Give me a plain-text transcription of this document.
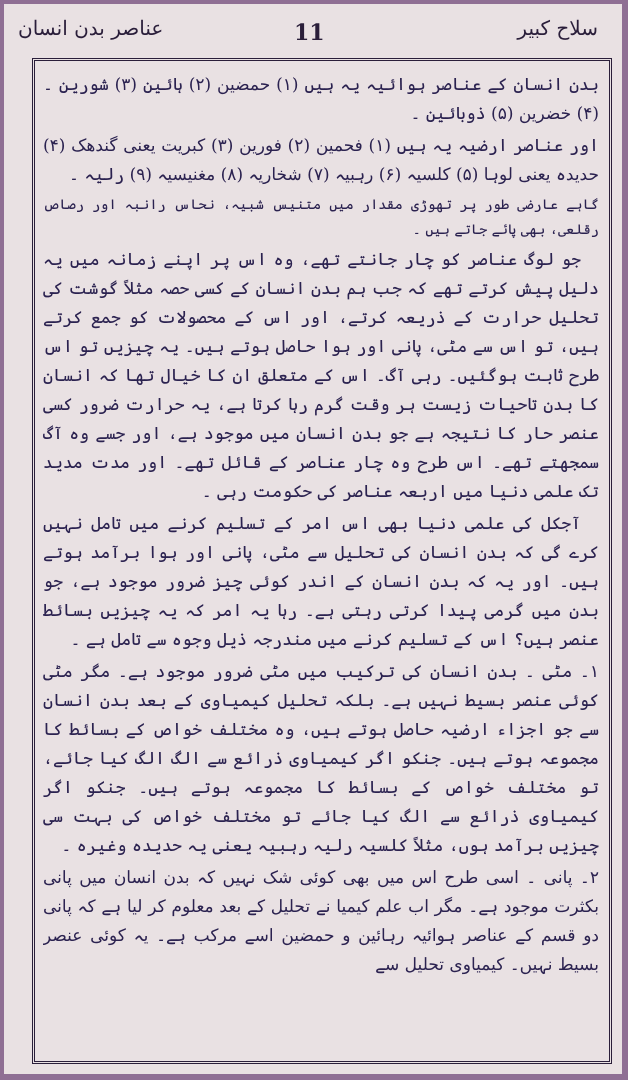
سلاح کبیر
11
عناصر بدن انسان

بدن انسان کے عناصر ہوائیہ یہ ہیں (۱) حمضین (۲) ہائین (۳) شورین ۔ (۴) خضرین (۵) ذوبائین ۔

اور عناصر ارضیہ یہ ہیں (۱) فحمین (۲) فورین (۳) کبریت یعنی گندھک (۴) حدیدہ یعنی لوہا (۵) کلسیہ (۶) رہبیہ (۷) شخاریہ (۸) مغنیسیہ (۹) رلیہ ۔

گاہے عارضی طور پر تھوڑی مقدار میں متنیس شبیہ، نحاس رانبہ اور رصاص رقلعی، بھی پائے جاتے ہیں ۔

جو لوگ عناصر کو چار جانتے تھے، وہ اس پر اپنے زمانہ میں یہ دلیل پیش کرتے تھے کہ جب ہم بدن انسان کے کسی حصہ مثلاً گوشت کی تحلیل حرارت کے ذریعہ کرتے، اور اس کے محصولات کو جمع کرتے ہیں، تو اس سے مٹی، پانی اور ہوا حاصل ہوتے ہیں۔ یہ چیزیں تو اس طرح ثابت ہوگئیں۔ رہی آگ۔ اس کے متعلق ان کا خیال تھا کہ انسان کا بدن تاحیات زیست ہر وقت گرم رہا کرتا ہے، یہ حرارت ضرور کسی عنصر حار کا نتیجہ ہے جو بدن انسان میں موجود ہے، اور جسے وہ آگ سمجھتے تھے۔ اس طرح وہ چار عناصر کے قائل تھے۔ اور مدت مدید تک علمی دنیا میں اربعہ عناصر کی حکومت رہی ۔

آجکل کی علمی دنیا بھی اس امر کے تسلیم کرنے میں تامل نہیں کرے گی کہ بدن انسان کی تحلیل سے مٹی، پانی اور ہوا برآمد ہوتے ہیں۔ اور یہ کہ بدن انسان کے اندر کوئی چیز ضرور موجود ہے، جو بدن میں گرمی پیدا کرتی رہتی ہے۔ رہا یہ امر کہ یہ چیزیں بسائط عنصر ہیں؟ اس کے تسلیم کرنے میں مندرجہ ذیل وجوہ سے تامل ہے ۔

۱۔ مٹی ۔ بدن انسان کی ترکیب میں مٹی ضرور موجود ہے۔ مگر مٹی کوئی عنصر بسیط نہیں ہے۔ بلکہ تحلیل کیمیاوی کے بعد بدن انسان سے جو اجزاء ارضیہ حاصل ہوتے ہیں، وہ مختلف خواص کے بسائط کا مجموعہ ہوتے ہیں۔ جنکو اگر کیمیاوی ذرائع سے الگ الگ کیا جائے، تو مختلف خواص کے بسائط کا مجموعہ ہوتے ہیں۔ جنکو اگر کیمیاوی ذرائع سے الگ کیا جائے تو مختلف خواص کی بہت سی چیزیں برآمد ہوں، مثلاً کلسیہ رلیہ رہبیہ یعنی یہ حدیدہ وغیرہ ۔

۲۔ پانی ۔ اسی طرح اس میں بھی کوئی شک نہیں کہ بدن انسان میں پانی بکثرت موجود ہے۔ مگر اب علم کیمیا نے تحلیل کے بعد معلوم کر لیا ہے کہ پانی دو قسم کے عناصر ہوائیہ رہائین و حمضین اسے مرکب ہے۔ یہ کوئی عنصر بسیط نہیں۔ کیمیاوی تحلیل سے
